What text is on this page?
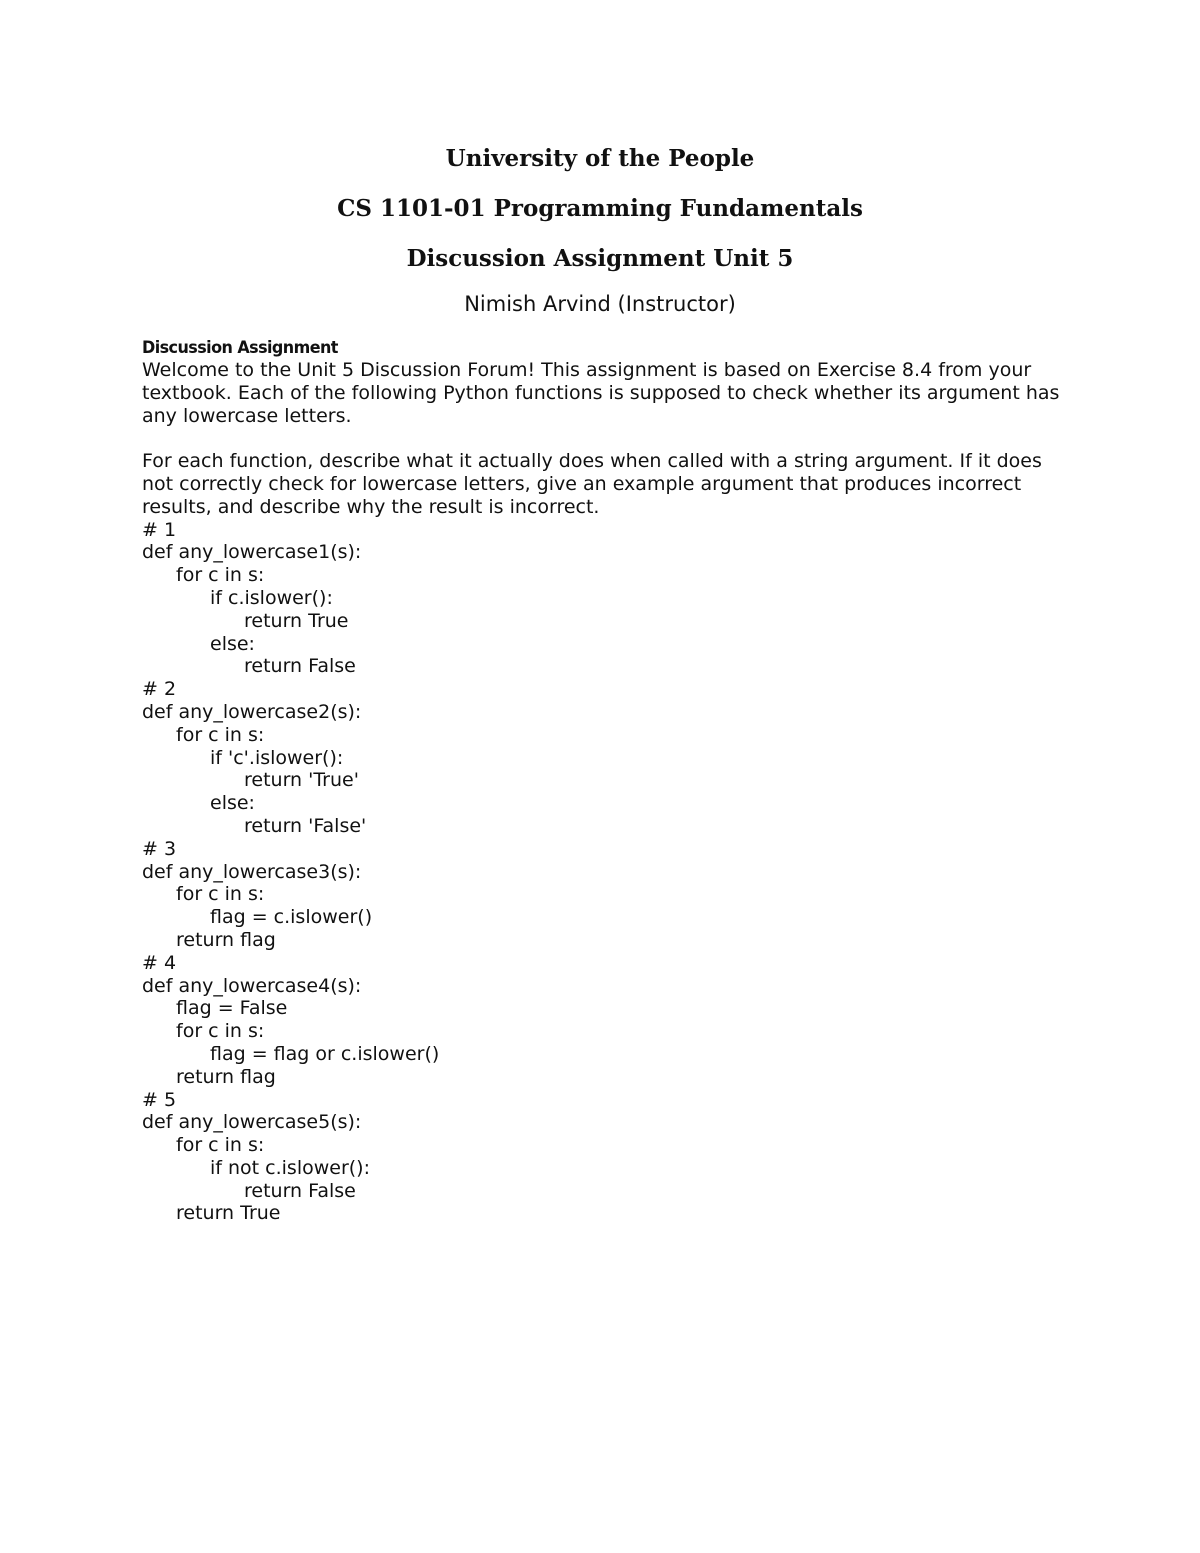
University of the People
CS 1101-01 Programming Fundamentals
Discussion Assignment Unit 5
Nimish Arvind (Instructor)
Discussion Assignment

Welcome to the Unit 5 Discussion Forum! This assignment is based on Exercise 8.4 from your textbook. Each of the following Python functions is supposed to check whether its argument has any lowercase letters.

For each function, describe what it actually does when called with a string argument. If it does not correctly check for lowercase letters, give an example argument that produces incorrect results, and describe why the result is incorrect.

# 1
def any_lowercase1(s):
for c in s:
if c.islower():
return True
else:
return False
# 2
def any_lowercase2(s):
for c in s:
if 'c'.islower():
return 'True'
else:
return 'False'
# 3
def any_lowercase3(s):
for c in s:
flag = c.islower()
return flag
# 4
def any_lowercase4(s):
flag = False
for c in s:
flag = flag or c.islower()
return flag
# 5
def any_lowercase5(s):
for c in s:
if not c.islower():
return False
return True
